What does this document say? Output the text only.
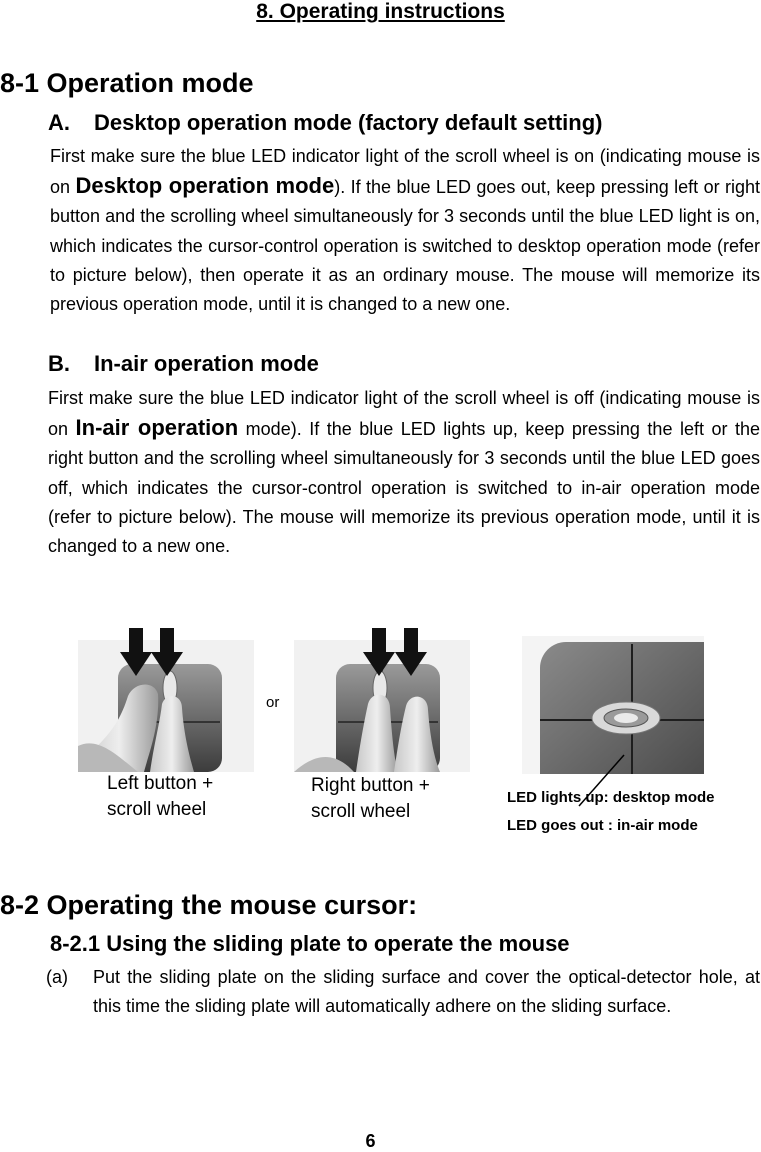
8. Operating instructions
8-1 Operation mode
A. Desktop operation mode (factory default setting)
First make sure the blue LED indicator light of the scroll wheel is on (indicating mouse is on Desktop operation mode). If the blue LED goes out, keep pressing left or right button and the scrolling wheel simultaneously for 3 seconds until the blue LED light is on, which indicates the cursor-control operation is switched to desktop operation mode (refer to picture below), then operate it as an ordinary mouse. The mouse will memorize its previous operation mode, until it is changed to a new one.
B. In-air operation mode
First make sure the blue LED indicator light of the scroll wheel is off (indicating mouse is on In-air operation mode). If the blue LED lights up, keep pressing the left or the right button and the scrolling wheel simultaneously for 3 seconds until the blue LED goes off, which indicates the cursor-control operation is switched to in-air operation mode (refer to picture below). The mouse will memorize its previous operation mode, until it is changed to a new one.
or
Left button +
scroll wheel
Right button +
scroll wheel
LED lights up: desktop mode
LED goes out : in-air mode
8-2 Operating the mouse cursor:
8-2.1 Using the sliding plate to operate the mouse
(a) Put the sliding plate on the sliding surface and cover the optical-detector hole, at this time the sliding plate will automatically adhere on the sliding surface.
6
